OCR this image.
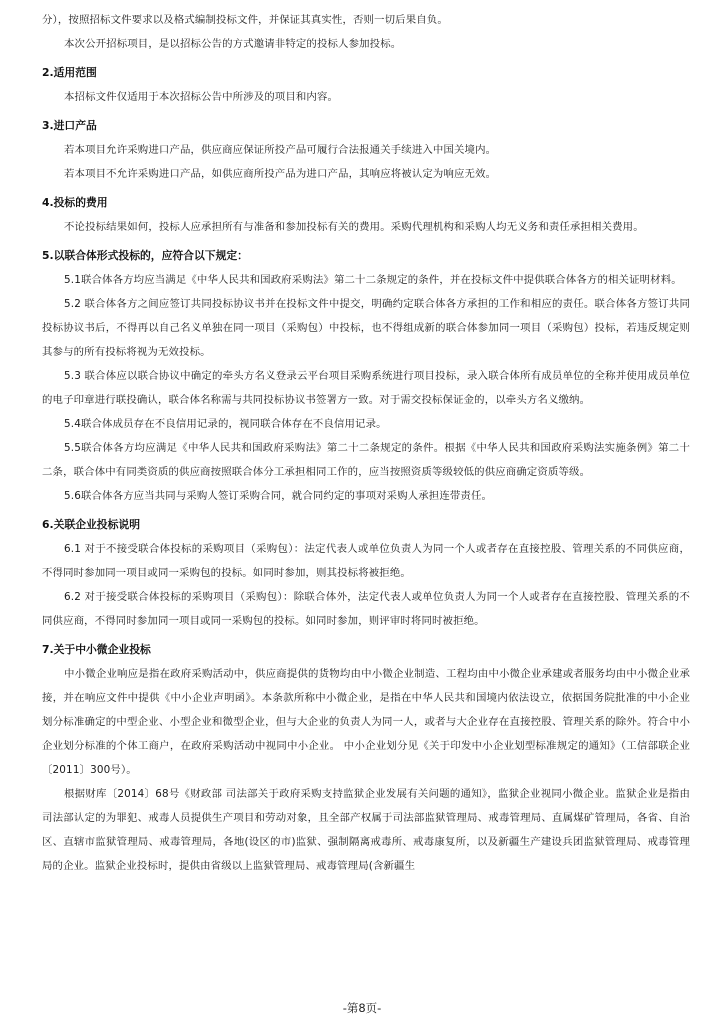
分），按照招标文件要求以及格式编制投标文件，并保证其真实性，否则一切后果自负。

本次公开招标项目，是以招标公告的方式邀请非特定的投标人参加投标。

2.适用范围

本招标文件仅适用于本次招标公告中所涉及的项目和内容。

3.进口产品

若本项目允许采购进口产品，供应商应保证所投产品可履行合法报通关手续进入中国关境内。

若本项目不允许采购进口产品，如供应商所投产品为进口产品，其响应将被认定为响应无效。

4.投标的费用

不论投标结果如何，投标人应承担所有与准备和参加投标有关的费用。采购代理机构和采购人均无义务和责任承担相关费用。

5.以联合体形式投标的，应符合以下规定：

5.1联合体各方均应当满足《中华人民共和国政府采购法》第二十二条规定的条件，并在投标文件中提供联合体各方的相关证明材料。

5.2 联合体各方之间应签订共同投标协议书并在投标文件中提交，明确约定联合体各方承担的工作和相应的责任。联合体各方签订共同投标协议书后，不得再以自己名义单独在同一项目（采购包）中投标，也不得组成新的联合体参加同一项目（采购包）投标，若违反规定则其参与的所有投标将视为无效投标。

5.3 联合体应以联合协议中确定的牵头方名义登录云平台项目采购系统进行项目投标，录入联合体所有成员单位的全称并使用成员单位的电子印章进行联投确认，联合体名称需与共同投标协议书签署方一致。对于需交投标保证金的，以牵头方名义缴纳。

5.4联合体成员存在不良信用记录的，视同联合体存在不良信用记录。

5.5联合体各方均应满足《中华人民共和国政府采购法》第二十二条规定的条件。根据《中华人民共和国政府采购法实施条例》第二十二条，联合体中有同类资质的供应商按照联合体分工承担相同工作的，应当按照资质等级较低的供应商确定资质等级。

5.6联合体各方应当共同与采购人签订采购合同，就合同约定的事项对采购人承担连带责任。

6.关联企业投标说明

6.1 对于不接受联合体投标的采购项目（采购包）：法定代表人或单位负责人为同一个人或者存在直接控股、管理关系的不同供应商，不得同时参加同一项目或同一采购包的投标。如同时参加，则其投标将被拒绝。

6.2 对于接受联合体投标的采购项目（采购包）：除联合体外，法定代表人或单位负责人为同一个人或者存在直接控股、管理关系的不同供应商，不得同时参加同一项目或同一采购包的投标。如同时参加，则评审时将同时被拒绝。

7.关于中小微企业投标

中小微企业响应是指在政府采购活动中，供应商提供的货物均由中小微企业制造、工程均由中小微企业承建或者服务均由中小微企业承接，并在响应文件中提供《中小企业声明函》。本条款所称中小微企业，是指在中华人民共和国境内依法设立，依据国务院批准的中小企业划分标准确定的中型企业、小型企业和微型企业，但与大企业的负责人为同一人，或者与大企业存在直接控股、管理关系的除外。符合中小企业划分标准的个体工商户，在政府采购活动中视同中小企业。 中小企业划分见《关于印发中小企业划型标准规定的通知》（工信部联企业〔2011〕300号）。

根据财库〔2014〕68号《财政部 司法部关于政府采购支持监狱企业发展有关问题的通知》，监狱企业视同小微企业。监狱企业是指由司法部认定的为罪犯、戒毒人员提供生产项目和劳动对象，且全部产权属于司法部监狱管理局、戒毒管理局、直属煤矿管理局，各省、自治区、直辖市监狱管理局、戒毒管理局，各地(设区的市)监狱、强制隔离戒毒所、戒毒康复所，以及新疆生产建设兵团监狱管理局、戒毒管理局的企业。监狱企业投标时，提供由省级以上监狱管理局、戒毒管理局(含新疆生

-第8页-
